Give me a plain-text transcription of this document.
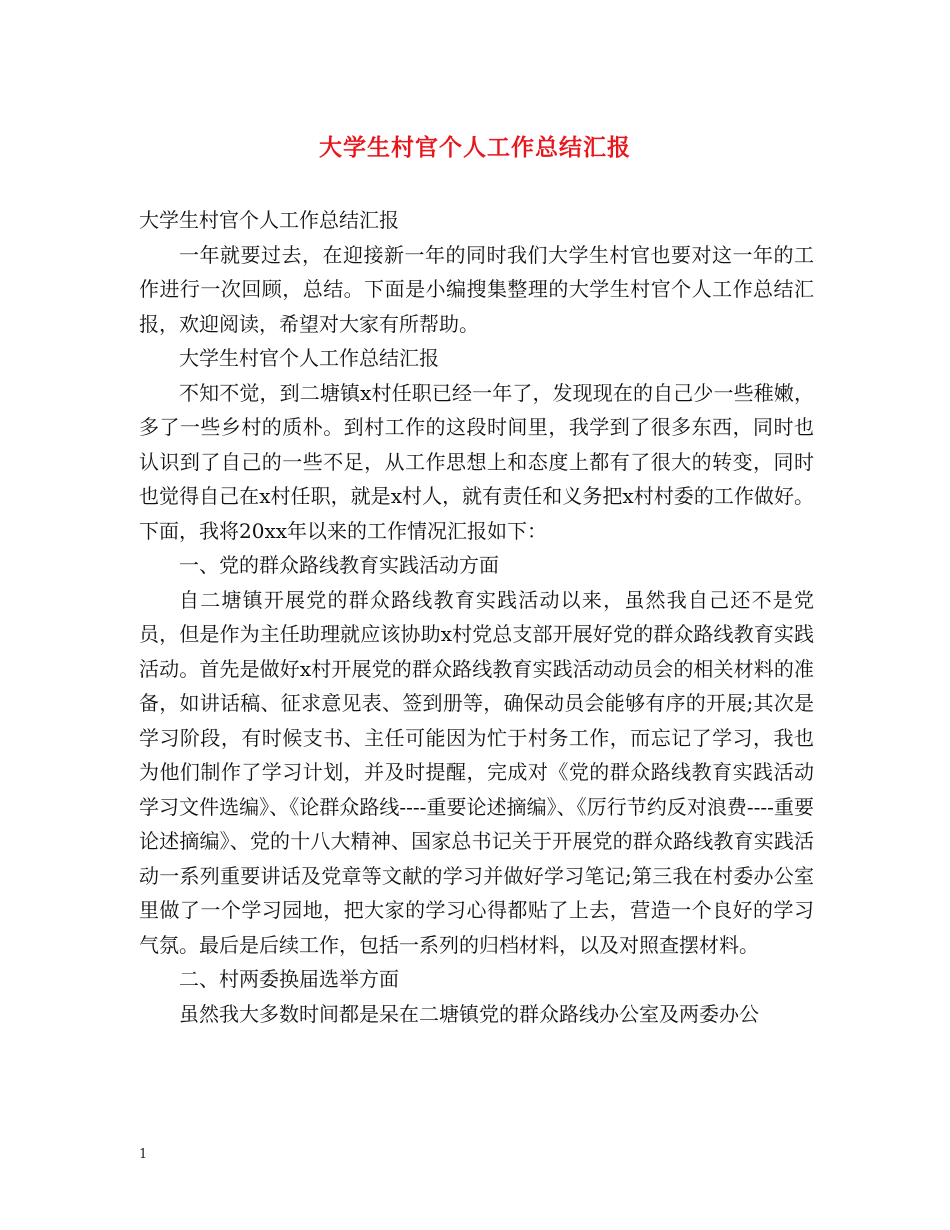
大学生村官个人工作总结汇报

大学生村官个人工作总结汇报

一年就要过去，在迎接新一年的同时我们大学生村官也要对这一年的工作进行一次回顾，总结。下面是小编搜集整理的大学生村官个人工作总结汇报，欢迎阅读，希望对大家有所帮助。

大学生村官个人工作总结汇报

不知不觉，到二塘镇x村任职已经一年了，发现现在的自己少一些稚嫩，多了一些乡村的质朴。到村工作的这段时间里，我学到了很多东西，同时也认识到了自己的一些不足，从工作思想上和态度上都有了很大的转变，同时也觉得自己在x村任职，就是x村人，就有责任和义务把x村村委的工作做好。下面，我将20xx年以来的工作情况汇报如下：

一、党的群众路线教育实践活动方面

自二塘镇开展党的群众路线教育实践活动以来，虽然我自己还不是党员，但是作为主任助理就应该协助x村党总支部开展好党的群众路线教育实践活动。首先是做好x村开展党的群众路线教育实践活动动员会的相关材料的准备，如讲话稿、征求意见表、签到册等，确保动员会能够有序的开展;其次是学习阶段，有时候支书、主任可能因为忙于村务工作，而忘记了学习，我也为他们制作了学习计划，并及时提醒，完成对《党的群众路线教育实践活动学习文件选编》、《论群众路线----重要论述摘编》、《厉行节约反对浪费----重要论述摘编》、党的十八大精神、国家总书记关于开展党的群众路线教育实践活动一系列重要讲话及党章等文献的学习并做好学习笔记;第三我在村委办公室里做了一个学习园地，把大家的学习心得都贴了上去，营造一个良好的学习气氛。最后是后续工作，包括一系列的归档材料，以及对照查摆材料。

二、村两委换届选举方面

虽然我大多数时间都是呆在二塘镇党的群众路线办公室及两委办公

1
